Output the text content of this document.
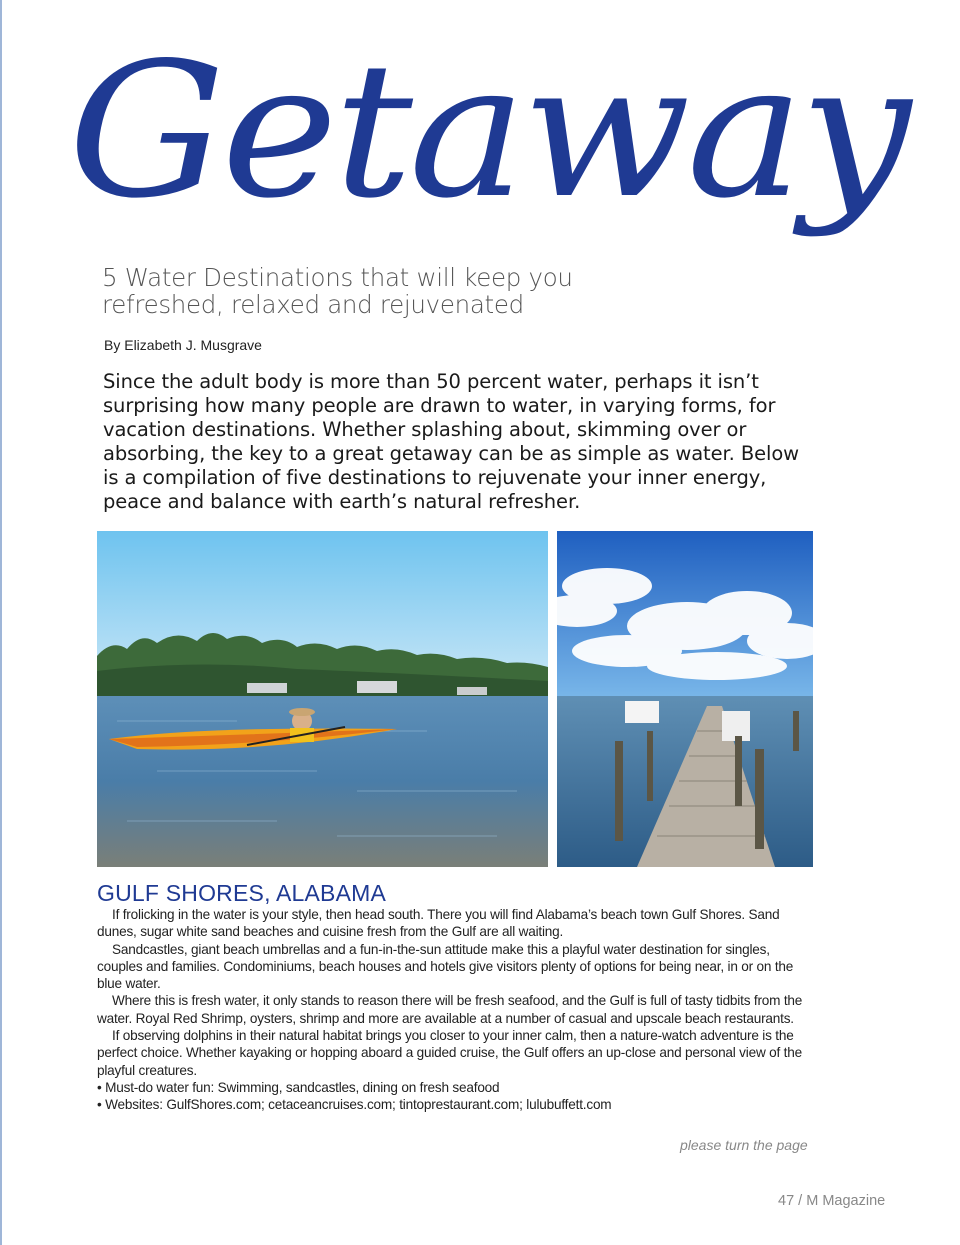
Getaway
5 Water Destinations that will keep you refreshed, relaxed and rejuvenated
By Elizabeth J. Musgrave
Since the adult body is more than 50 percent water, perhaps it isn’t surprising how many people are drawn to water, in varying forms, for vacation destinations. Whether splashing about, skimming over or absorbing, the key to a great getaway can be as simple as water. Below is a compilation of five destinations to rejuvenate your inner energy, peace and balance with earth’s natural refresher.
GULF SHORES, ALABAMA

If frolicking in the water is your style, then head south. There you will find Alabama’s beach town Gulf Shores. Sand dunes, sugar white sand beaches and cuisine fresh from the Gulf are all waiting.

Sandcastles, giant beach umbrellas and a fun-in-the-sun attitude make this a playful water destination for singles, couples and families. Condominiums, beach houses and hotels give visitors plenty of options for being near, in or on the blue water.

Where this is fresh water, it only stands to reason there will be fresh seafood, and the Gulf is full of tasty tidbits from the water. Royal Red Shrimp, oysters, shrimp and more are available at a number of casual and upscale beach restaurants.

If observing dolphins in their natural habitat brings you closer to your inner calm, then a nature-watch adventure is the perfect choice. Whether kayaking or hopping aboard a guided cruise, the Gulf offers an up-close and personal view of the playful creatures.

• Must-do water fun: Swimming, sandcastles, dining on fresh seafood

• Websites: GulfShores.com; cetaceancruises.com; tintoprestaurant.com; lulubuffett.com

please turn the page
47 / M Magazine
